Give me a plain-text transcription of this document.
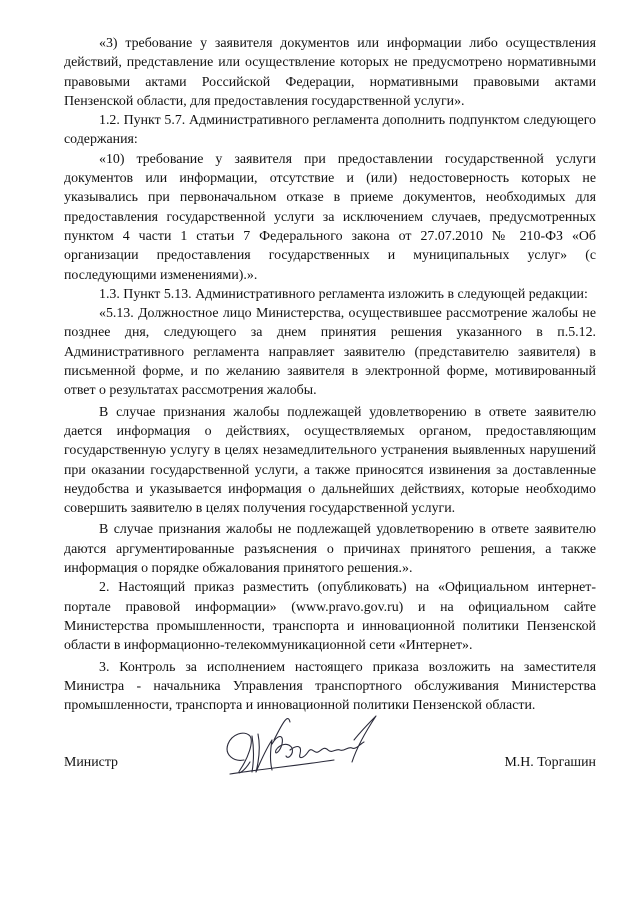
«3) требование у заявителя документов или информации либо осуществления действий, представление или осуществление которых не предусмотрено нормативными правовыми актами Российской Федерации, нормативными правовыми актами Пензенской области, для предоставления государственной услуги».

1.2. Пункт 5.7. Административного регламента дополнить подпунктом следующего содержания:

«10) требование у заявителя при предоставлении государственной услуги документов или информации, отсутствие и (или) недостоверность которых не указывались при первоначальном отказе в приеме документов, необходимых для предоставления государственной услуги за исключением случаев, предусмотренных пунктом 4 части 1 статьи 7 Федерального закона от 27.07.2010 № 210-ФЗ «Об организации предоставления государственных и муниципальных услуг» (с последующими изменениями).».

1.3. Пункт 5.13. Административного регламента изложить в следующей редакции:

«5.13. Должностное лицо Министерства, осуществившее рассмотрение жалобы не позднее дня, следующего за днем принятия решения указанного в п.5.12. Административного регламента направляет заявителю (представителю заявителя) в письменной форме, и по желанию заявителя в электронной форме, мотивированный ответ о результатах рассмотрения жалобы.

В случае признания жалобы подлежащей удовлетворению в ответе заявителю дается информация о действиях, осуществляемых органом, предоставляющим государственную услугу в целях незамедлительного устранения выявленных нарушений при оказании государственной услуги, а также приносятся извинения за доставленные неудобства и указывается информация о дальнейших действиях, которые необходимо совершить заявителю в целях получения государственной услуги.

В случае признания жалобы не подлежащей удовлетворению в ответе заявителю даются аргументированные разъяснения о причинах принятого решения, а также информация о порядке обжалования принятого решения.».

2. Настоящий приказ разместить (опубликовать) на «Официальном интернет-портале правовой информации» (www.pravo.gov.ru) и на официальном сайте Министерства промышленности, транспорта и инновационной политики Пензенской области в информационно-телекоммуникационной сети «Интернет».

3. Контроль за исполнением настоящего приказа возложить на заместителя Министра - начальника Управления транспортного обслуживания Министерства промышленности, транспорта и инновационной политики Пензенской области.

Министр	М.Н. Торгашин
